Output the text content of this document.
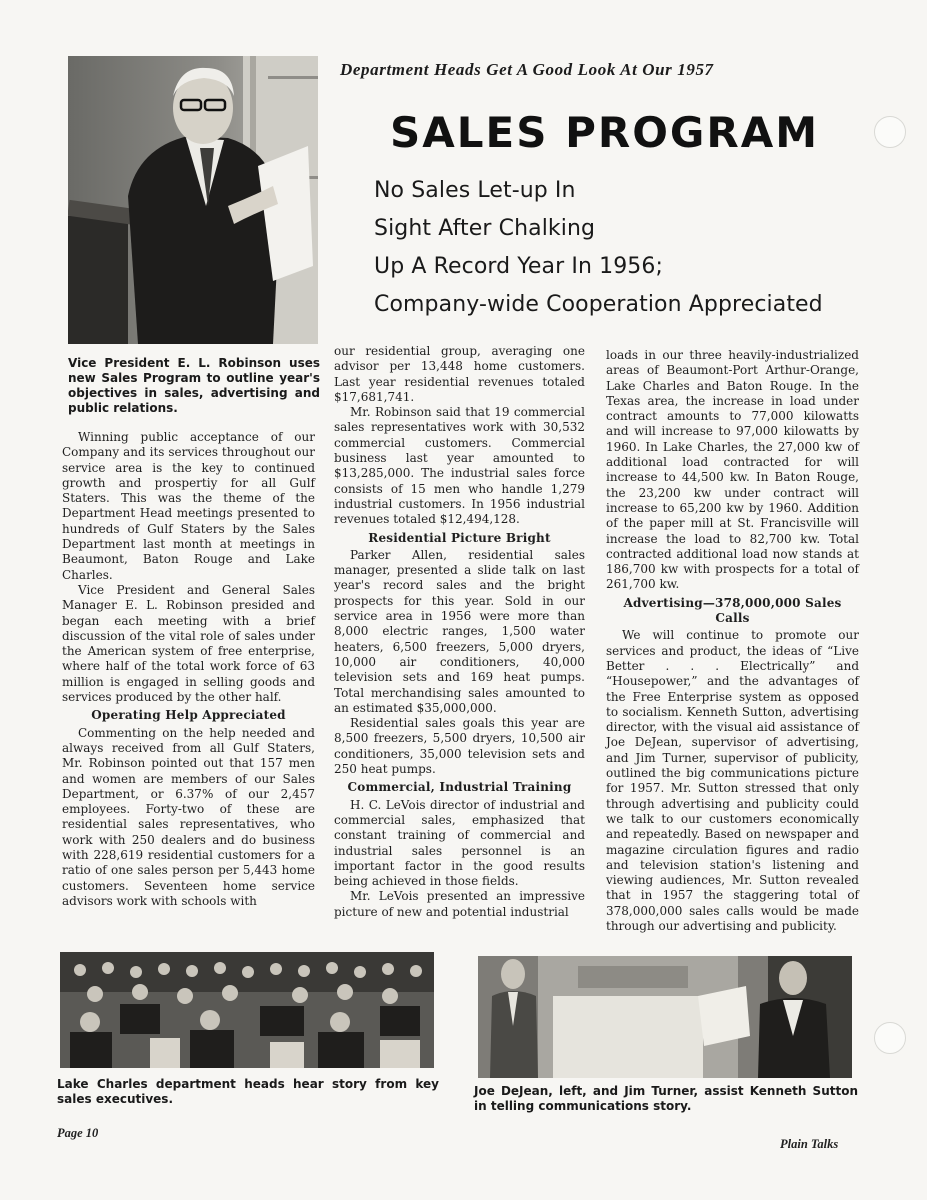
Vice President E. L. Robinson uses new Sales Program to outline year's objectives in sales, advertising and public relations.
Department Heads Get A Good Look At Our 1957
SALES PROGRAM
No Sales Let-up In
Sight After Chalking
Up A Record Year In 1956;
Company-wide Cooperation Appreciated

Winning public acceptance of our Company and its services throughout our service area is the key to continued growth and prospertiy for all Gulf Staters. This was the theme of the Department Head meetings presented to hundreds of Gulf Staters by the Sales Department last month at meetings in Beaumont, Baton Rouge and Lake Charles.

Vice President and General Sales Manager E. L. Robinson presided and began each meeting with a brief discussion of the vital role of sales under the American system of free enterprise, where half of the total work force of 63 million is engaged in selling goods and services produced by the other half.

Operating Help Appreciated

Commenting on the help needed and always received from all Gulf Staters, Mr. Robinson pointed out that 157 men and women are members of our Sales Department, or 6.37% of our 2,457 employees. Forty-two of these are residential sales representatives, who work with 250 dealers and do business with 228,619 residential customers for a ratio of one sales person per 5,443 home customers. Seventeen home service advisors work with schools with

our residential group, averaging one advisor per 13,448 home customers. Last year residential revenues totaled $17,681,741.

Mr. Robinson said that 19 commercial sales representatives work with 30,532 commercial customers. Commercial business last year amounted to $13,285,000. The industrial sales force consists of 15 men who handle 1,279 industrial customers. In 1956 industrial revenues totaled $12,494,128.

Residential Picture Bright

Parker Allen, residential sales manager, presented a slide talk on last year's record sales and the bright prospects for this year. Sold in our service area in 1956 were more than 8,000 electric ranges, 1,500 water heaters, 6,500 freezers, 5,000 dryers, 10,000 air conditioners, 40,000 television sets and 169 heat pumps. Total merchandising sales amounted to an estimated $35,000,000.

Residential sales goals this year are 8,500 freezers, 5,500 dryers, 10,500 air conditioners, 35,000 television sets and 250 heat pumps.

Commercial, Industrial Training

H. C. LeVois director of industrial and commercial sales, emphasized that constant training of commercial and industrial sales personnel is an important factor in the good results being achieved in those fields.

Mr. LeVois presented an impressive picture of new and potential industrial

loads in our three heavily-industrialized areas of Beaumont-Port Arthur-Orange, Lake Charles and Baton Rouge. In the Texas area, the increase in load under contract amounts to 77,000 kilowatts and will increase to 97,000 kilowatts by 1960. In Lake Charles, the 27,000 kw of additional load contracted for will increase to 44,500 kw. In Baton Rouge, the 23,200 kw under contract will increase to 65,200 kw by 1960. Addition of the paper mill at St. Francisville will increase the load to 82,700 kw. Total contracted additional load now stands at 186,700 kw with prospects for a total of 261,700 kw.

Advertising—378,000,000 Sales Calls

We will continue to promote our services and product, the ideas of “Live Better . . . Electrically” and “Housepower,” and the advantages of the Free Enterprise system as opposed to socialism. Kenneth Sutton, advertising director, with the visual aid assistance of Joe DeJean, supervisor of advertising, and Jim Turner, supervisor of publicity, outlined the big communications picture for 1957. Mr. Sutton stressed that only through advertising and publicity could we talk to our customers economically and repeatedly. Based on newspaper and magazine circulation figures and radio and television station's listening and viewing audiences, Mr. Sutton revealed that in 1957 the staggering total of 378,000,000 sales calls would be made through our advertising and publicity.

Lake Charles department heads hear story from key sales executives.
Joe DeJean, left, and Jim Turner, assist Kenneth Sutton in telling communications story.
Page 10
Plain Talks
